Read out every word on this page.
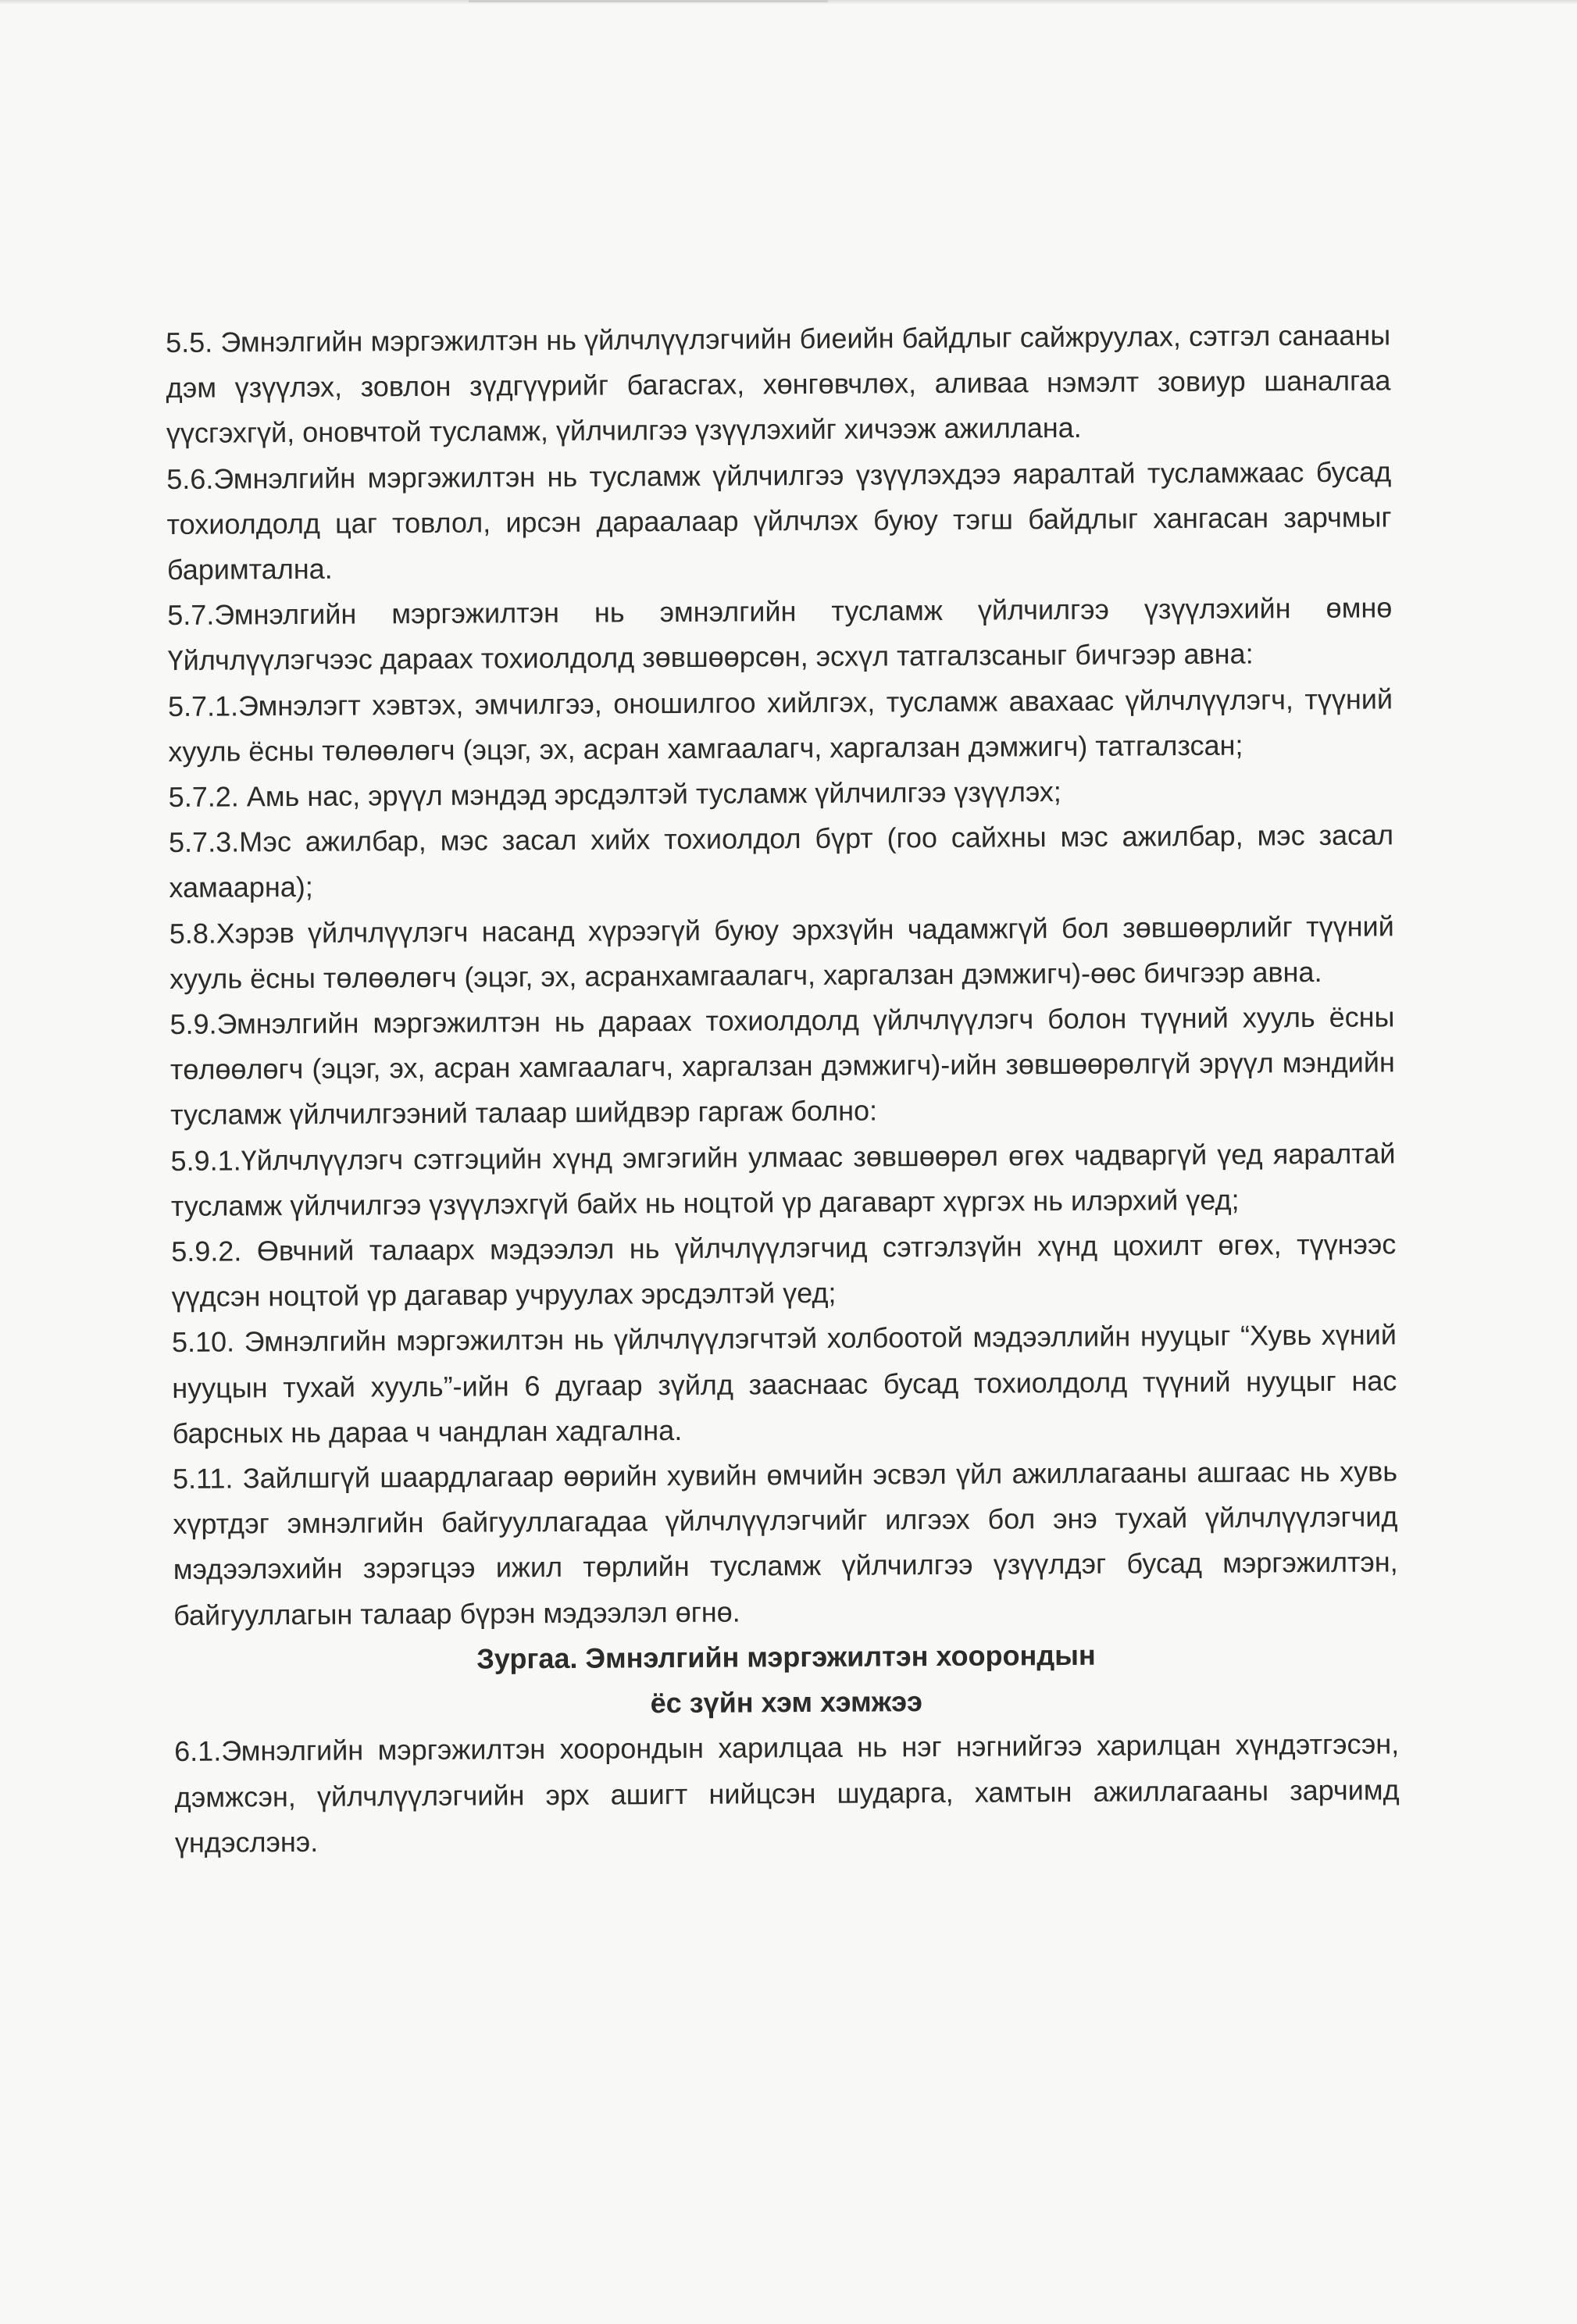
5.5. Эмнэлгийн мэргэжилтэн нь үйлчлүүлэгчийн биеийн байдлыг сайжруулах, сэтгэл санааны дэм үзүүлэх, зовлон зүдгүүрийг багасгах, хөнгөвчлөх, аливаа нэмэлт зовиур шаналгаа үүсгэхгүй, оновчтой тусламж, үйлчилгээ үзүүлэхийг хичээж ажиллана.

5.6.Эмнэлгийн мэргэжилтэн нь тусламж үйлчилгээ үзүүлэхдээ яаралтай тусламжаас бусад тохиолдолд цаг товлол, ирсэн дараалаар үйлчлэх буюу тэгш байдлыг хангасан зарчмыг баримтална.

5.7.Эмнэлгийн мэргэжилтэн нь эмнэлгийн тусламж үйлчилгээ үзүүлэхийн өмнө Үйлчлүүлэгчээс дараах тохиолдолд зөвшөөрсөн, эсхүл татгалзсаныг бичгээр авна:

5.7.1.Эмнэлэгт хэвтэх, эмчилгээ, оношилгоо хийлгэх, тусламж авахаас үйлчлүүлэгч, түүний хууль ёсны төлөөлөгч (эцэг, эх, асран хамгаалагч, харгалзан дэмжигч) татгалзсан;

5.7.2. Амь нас, эрүүл мэндэд эрсдэлтэй тусламж үйлчилгээ үзүүлэх;

5.7.3.Мэс ажилбар, мэс засал хийх тохиолдол бүрт (гоо сайхны мэс ажилбар, мэс засал хамаарна);

5.8.Хэрэв үйлчлүүлэгч насанд хүрээгүй буюу эрхзүйн чадамжгүй бол зөвшөөрлийг түүний хууль ёсны төлөөлөгч (эцэг, эх, асранхамгаалагч, харгалзан дэмжигч)-өөс бичгээр авна.

5.9.Эмнэлгийн мэргэжилтэн нь дараах тохиолдолд үйлчлүүлэгч болон түүний хууль ёсны төлөөлөгч (эцэг, эх, асран хамгаалагч, харгалзан дэмжигч)-ийн зөвшөөрөлгүй эрүүл мэндийн тусламж үйлчилгээний талаар шийдвэр гаргаж болно:

5.9.1.Үйлчлүүлэгч сэтгэцийн хүнд эмгэгийн улмаас зөвшөөрөл өгөх чадваргүй үед яаралтай тусламж үйлчилгээ үзүүлэхгүй байх нь ноцтой үр дагаварт хүргэх нь илэрхий үед;

5.9.2. Өвчний талаарх мэдээлэл нь үйлчлүүлэгчид сэтгэлзүйн хүнд цохилт өгөх, түүнээс үүдсэн ноцтой үр дагавар учруулах эрсдэлтэй үед;

5.10. Эмнэлгийн мэргэжилтэн нь үйлчлүүлэгчтэй холбоотой мэдээллийн нууцыг “Хувь хүний нууцын тухай хууль”-ийн 6 дугаар зүйлд зааснаас бусад тохиолдолд түүний нууцыг нас барсных нь дараа ч чандлан хадгална.

5.11. Зайлшгүй шаардлагаар өөрийн хувийн өмчийн эсвэл үйл ажиллагааны ашгаас нь хувь хүртдэг эмнэлгийн байгууллагадаа үйлчлүүлэгчийг илгээх бол энэ тухай үйлчлүүлэгчид мэдээлэхийн зэрэгцээ ижил төрлийн тусламж үйлчилгээ үзүүлдэг бусад мэргэжилтэн, байгууллагын талаар бүрэн мэдээлэл өгнө.

Зургаа. Эмнэлгийн мэргэжилтэн хоорондын

ёс зүйн хэм хэмжээ

6.1.Эмнэлгийн мэргэжилтэн хоорондын харилцаа нь нэг нэгнийгээ харилцан хүндэтгэсэн, дэмжсэн, үйлчлүүлэгчийн эрх ашигт нийцсэн шударга, хамтын ажиллагааны зарчимд үндэслэнэ.
